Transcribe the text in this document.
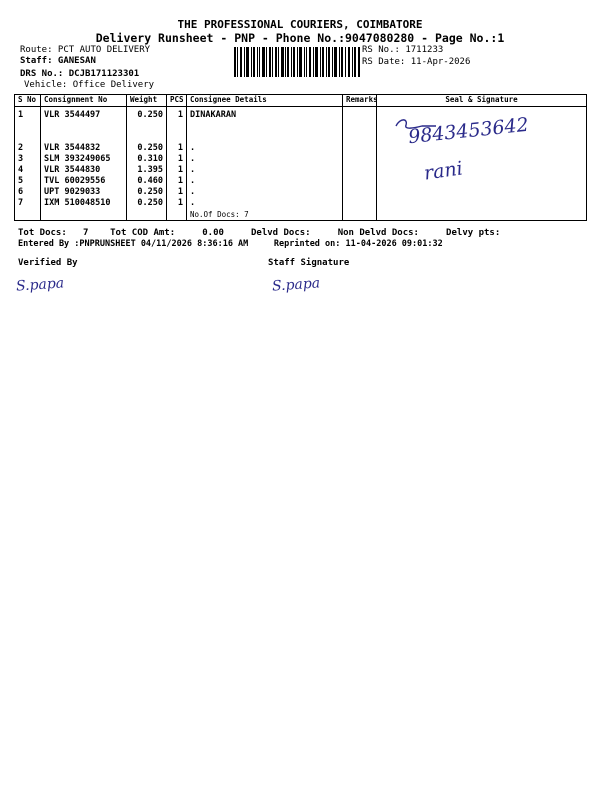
THE PROFESSIONAL COURIERS, COIMBATORE
Delivery Runsheet - PNP - Phone No.:9047080280 - Page No.:1
Route: PCT AUTO DELIVERY
Staff: GANESAN
DRS No.: DCJB171123301
Vehicle: Office Delivery
RS No.: 1711233
RS Date: 11-Apr-2026
S No	Consignment No	Weight	PCS	Consignee Details	Remarks	Seal & Signature
1	VLR 3544497	0.250	1	DINAKARAN		

2	VLR 3544832	0.250	1	.		
3	SLM 393249065	0.310	1	.		
4	VLR 3544830	1.395	1	.		
5	TVL 60029556	0.460	1	.		
6	UPT 9029033	0.250	1	.		
7	IXM 510048510	0.250	1	.		
				No.Of Docs: 7		
Tot Docs:   7    Tot COD Amt:     0.00     Delvd Docs:     Non Delvd Docs:     Delvy pts:
Entered By :PNPRUNSHEET 04/11/2026 8:36:16 AM     Reprinted on: 11-04-2026 09:01:32
Verified By	Staff Signature
9843453642
rani
S.papa	S.papa
